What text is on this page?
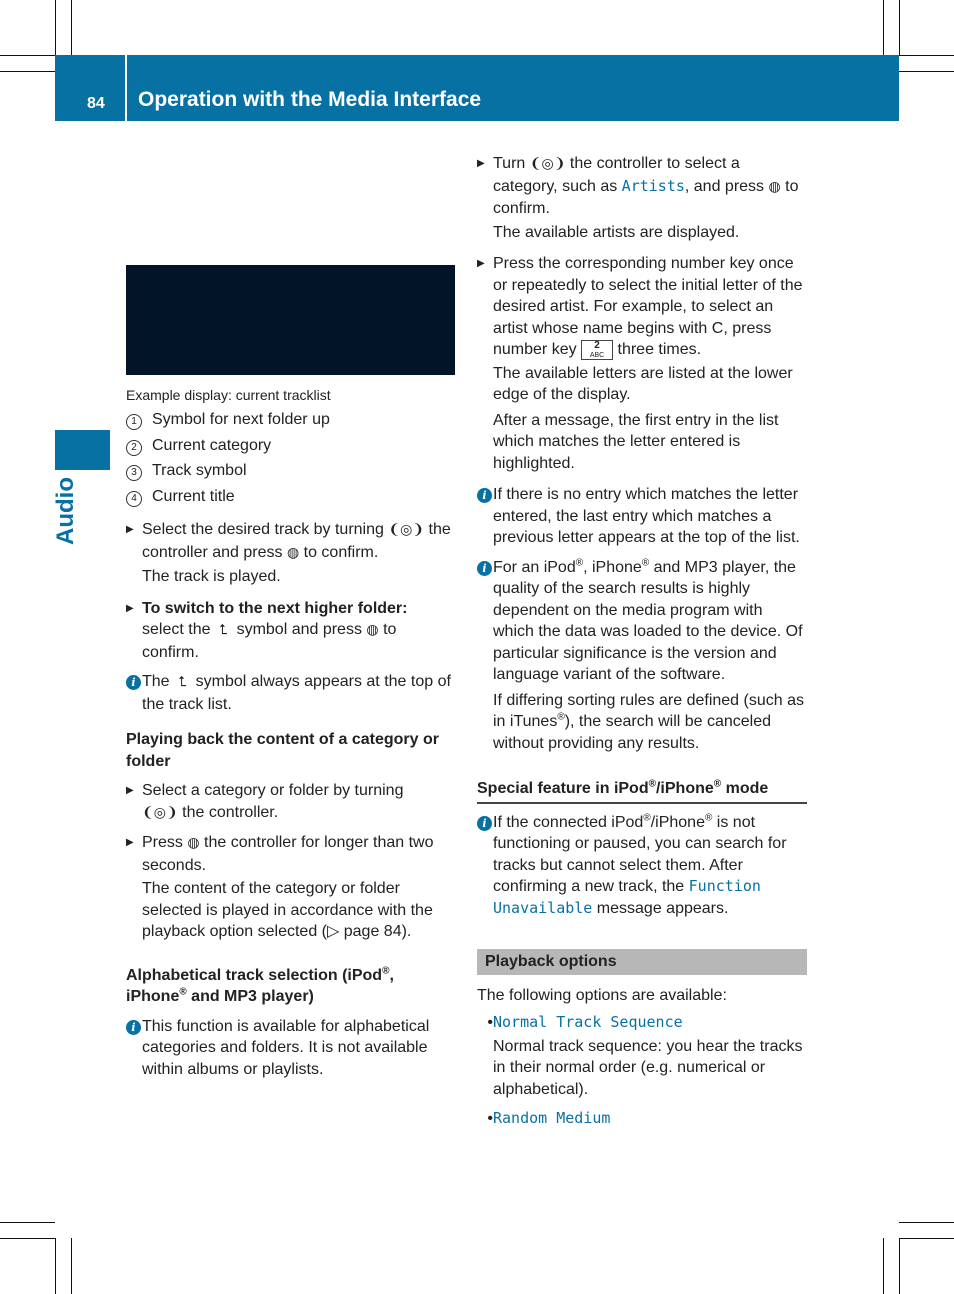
84 Operation with the Media Interface
Audio
Example display: current tracklist
1 Symbol for next folder up
2 Current category
3 Track symbol
4 Current title
▶ Select the desired track by turning ❨◎❩ the controller and press ◍ to confirm.
The track is played.
▶ To switch to the next higher folder:
select the  ⮤  symbol and press ◍ to confirm.
i The  ⮤  symbol always appears at the top of the track list.
Playing back the content of a category or folder
▶ Select a category or folder by turning
❨◎❩ the controller.
▶ Press ◍ the controller for longer than two seconds.
The content of the category or folder selected is played in accordance with the playback option selected (▷ page 84).
Alphabetical track selection (iPod®, iPhone® and MP3 player)
i This function is available for alphabetical categories and folders. It is not available within albums or playlists.
▶ Turn ❨◎❩ the controller to select a category, such as Artists, and press ◍ to confirm.
The available artists are displayed.
▶ Press the corresponding number key once or repeatedly to select the initial letter of the desired artist. For example, to select an artist whose name begins with C, press number key 2
ABC three times.
The available letters are listed at the lower edge of the display.
After a message, the first entry in the list which matches the letter entered is highlighted.
i If there is no entry which matches the letter entered, the last entry which matches a previous letter appears at the top of the list.
i For an iPod®, iPhone® and MP3 player, the quality of the search results is highly dependent on the media program with which the data was loaded to the device. Of particular significance is the version and language variant of the software.
If differing sorting rules are defined (such as in iTunes®), the search will be canceled without providing any results.
Special feature in iPod®/iPhone® mode
i If the connected iPod®/iPhone® is not functioning or paused, you can search for tracks but cannot select them. After confirming a new track, the Function Unavailable message appears.
Playback options
The following options are available:
• Normal Track Sequence
Normal track sequence: you hear the tracks in their normal order (e.g. numerical or alphabetical).
• Random Medium
